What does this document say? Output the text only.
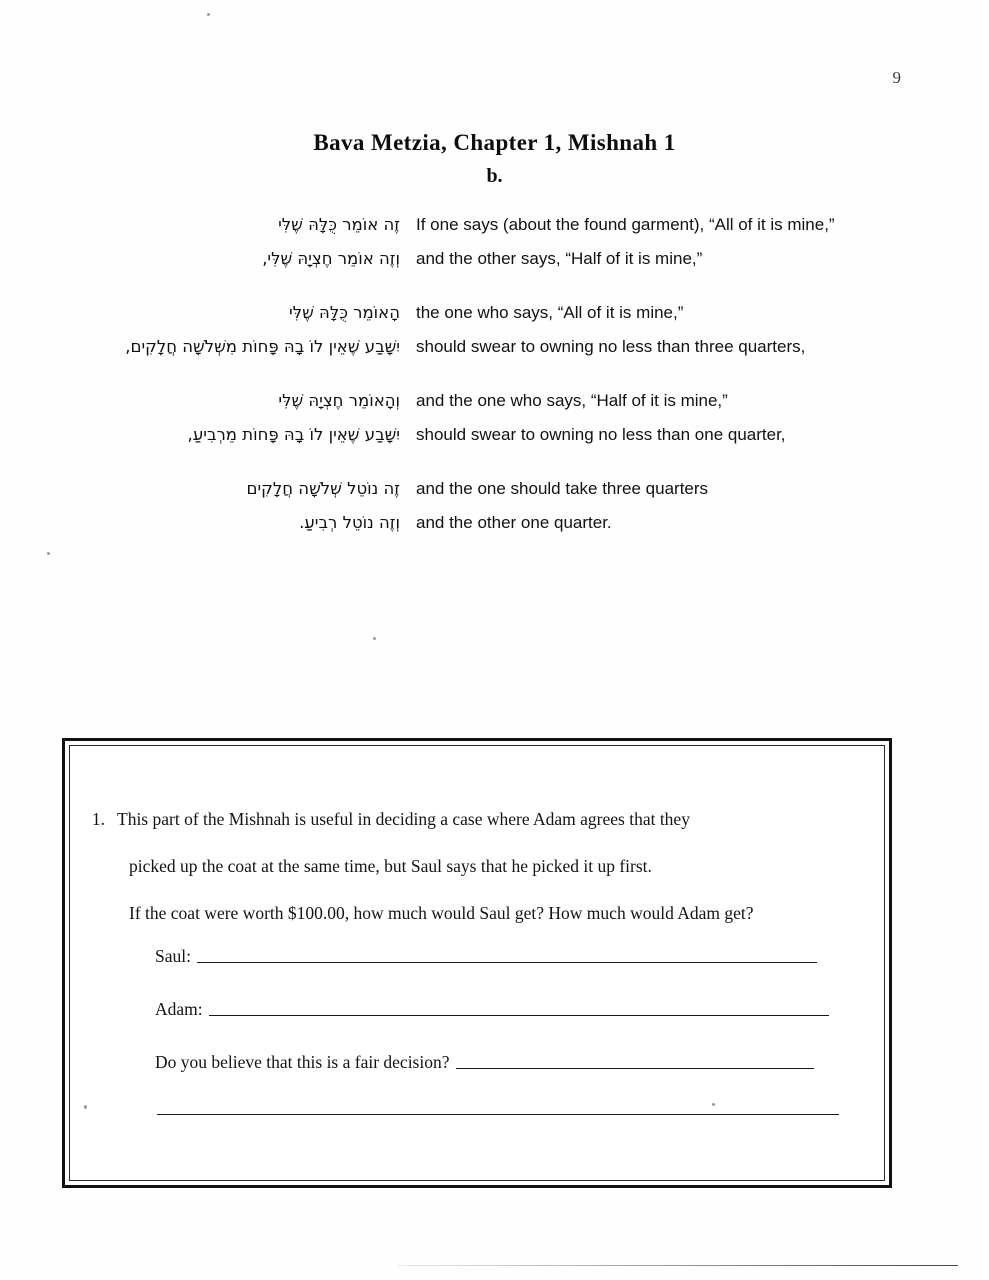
9
Bava Metzia, Chapter 1, Mishnah 1
b.
זֶה אוֹמֵר כֻּלָּהּ שֶׁלִּי If one says (about the found garment), “All of it is mine,”
וְזֶה אוֹמֵר חֶצְיָהּ שֶׁלִּי, and the other says, “Half of it is mine,”
הָאוֹמֵר כֻּלָּהּ שֶׁלִּי the one who says, “All of it is mine,”
יִשָּׁבַע שֶׁאֵין לוֹ בָהּ פָּחוֹת מִשְּׁלֹשָׁה חֲלָקִים, should swear to owning no less than three quarters,
וְהָאוֹמֵר חֶצְיָהּ שֶׁלִּי and the one who says, “Half of it is mine,”
יִשָּׁבַע שֶׁאֵין לוֹ בָהּ פָּחוֹת מֵרְבִיעַ, should swear to owning no less than one quarter,
זֶה נוֹטֵל שְׁלֹשָׁה חֲלָקִים and the one should take three quarters
וְזֶה נוֹטֵל רְבִיעַ. and the other one quarter.
1. This part of the Mishnah is useful in deciding a case where Adam agrees that they
picked up the coat at the same time, but Saul says that he picked it up first.
If the coat were worth $100.00, how much would Saul get? How much would Adam get?
Saul:
Adam:
Do you believe that this is a fair decision?
